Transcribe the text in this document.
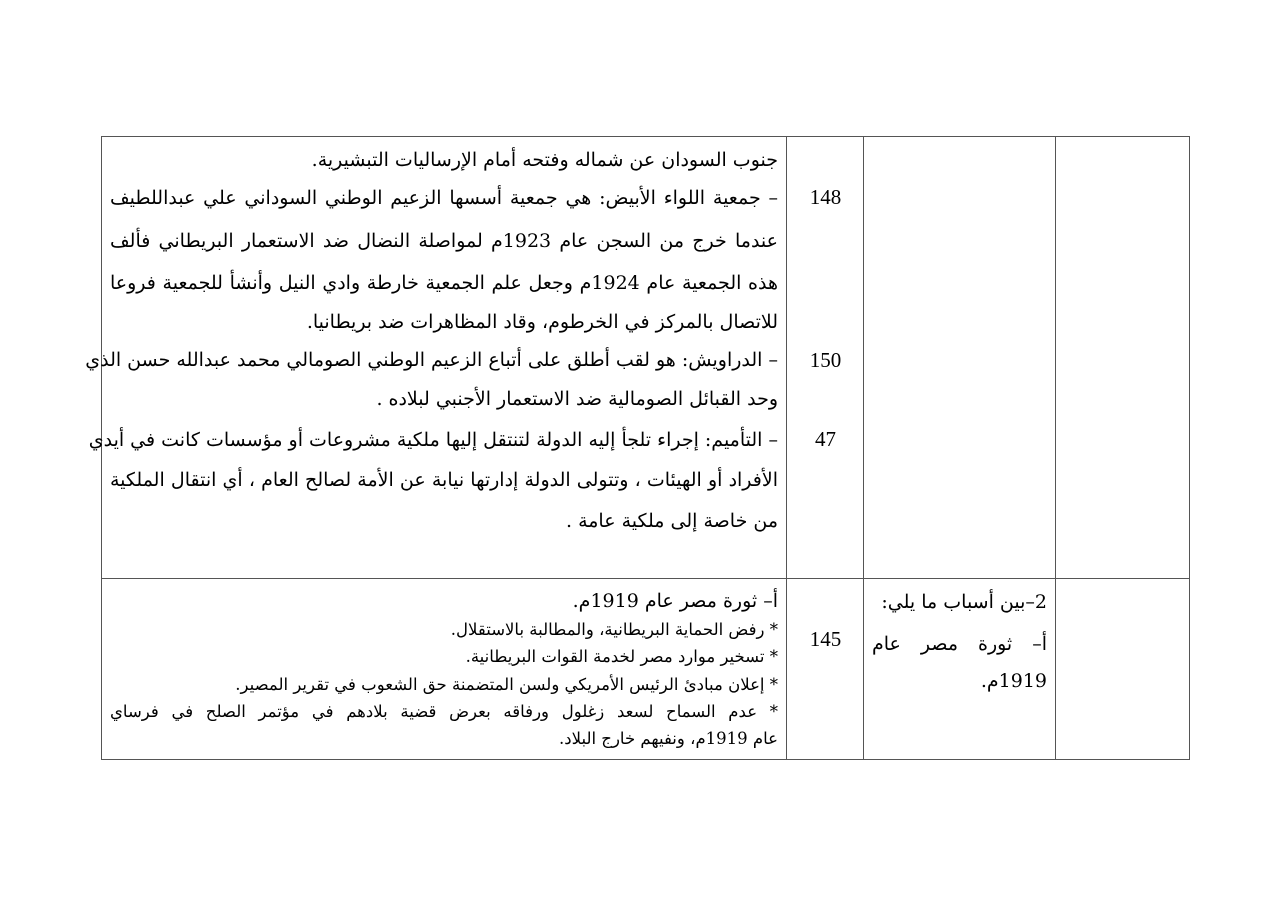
جنوب السودان عن شماله وفتحه أمام الإرساليات التبشيرية.
– جمعية اللواء الأبيض: هي جمعية أسسها الزعيم الوطني السوداني علي عبداللطيف
عندما خرج من السجن عام 1923م لمواصلة النضال ضد الاستعمار البريطاني فألف
هذه الجمعية عام 1924م وجعل علم الجمعية خارطة وادي النيل وأنشأ للجمعية فروعا
للاتصال بالمركز في الخرطوم، وقاد المظاهرات ضد بريطانيا.
– الدراويش: هو لقب أطلق على أتباع الزعيم الوطني الصومالي محمد عبدالله حسن الذي
وحد القبائل الصومالية ضد الاستعمار الأجنبي لبلاده .
– التأميم: إجراء تلجأ إليه الدولة لتنتقل إليها ملكية مشروعات أو مؤسسات كانت في أيدي
الأفراد أو الهيئات ، وتتولى الدولة إدارتها نيابة عن الأمة لصالح العام ، أي انتقال الملكية
من خاصة إلى ملكية عامة .
148
150
47
أ– ثورة مصر عام 1919م.
* رفض الحماية البريطانية، والمطالبة بالاستقلال.
* تسخير موارد مصر لخدمة القوات البريطانية.
* إعلان مبادئ الرئيس الأمريكي ولسن المتضمنة حق الشعوب في تقرير المصير.
* عدم السماح لسعد زغلول ورفاقه بعرض قضية بلادهم في مؤتمر الصلح في فرساي
عام 1919م، ونفيهم خارج البلاد.
145
2–بين أسباب ما يلي:
أ– ثورة مصر عام
1919م.
